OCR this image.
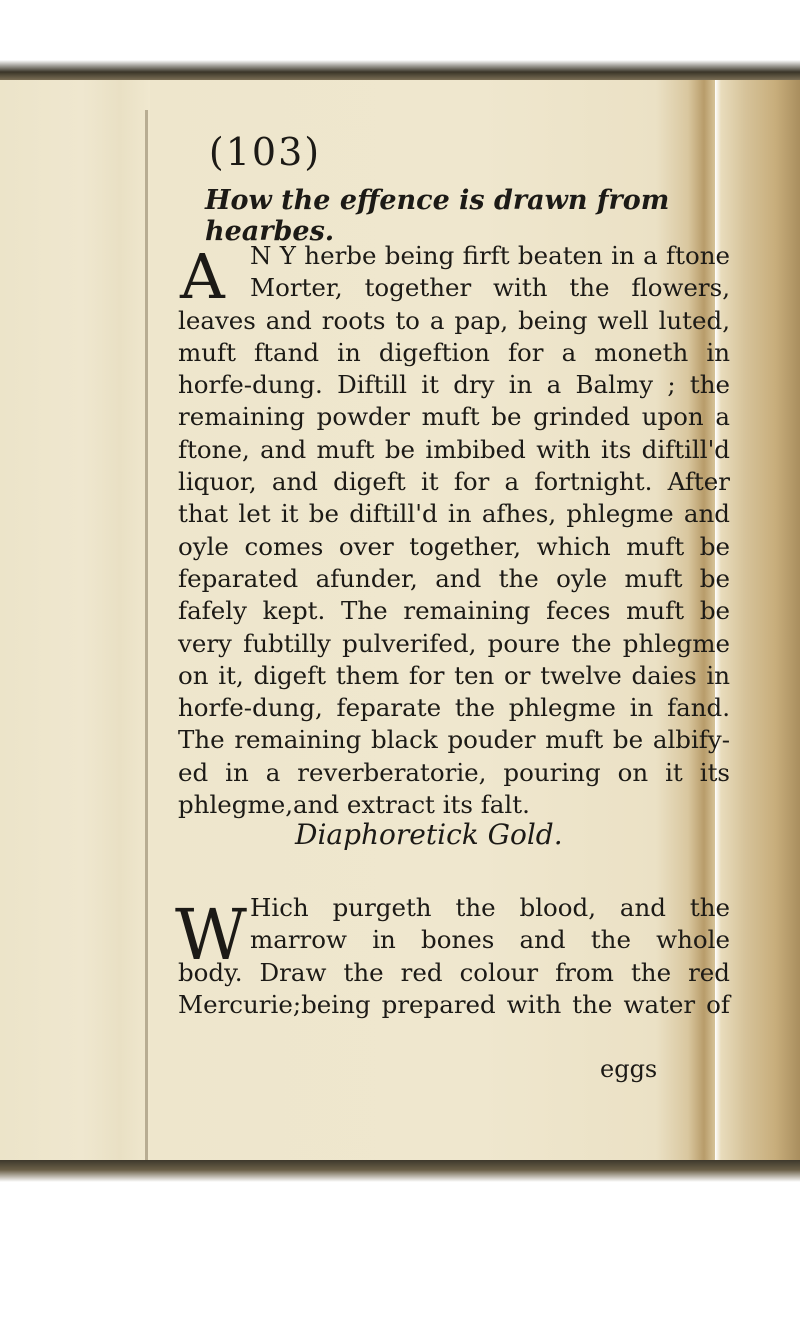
(103)
How the effence is drawn from hearbes.
A	N Y herbe being firft beaten in a ftone
Morter, together with the flowers,
leaves and roots to a pap, being well luted,
muft ftand in digeftion for a moneth in
horfe-dung. Diftill it dry in a Balmy ; the
remaining powder muft be grinded upon a
ftone, and muft be imbibed with its diftill'd
liquor, and digeft it for a fortnight. After
that let it be diftill'd in afhes, phlegme and
oyle comes over together, which muft be
feparated afunder, and the oyle muft be
fafely kept. The remaining feces muft be
very fubtilly pulverifed, poure the phlegme
on it, digeft them for ten or twelve daies in
horfe-dung, feparate the phlegme in fand.
The remaining black pouder muft be albify-
ed in a reverberatorie, pouring on it its
phlegme,and extract its falt.
Diaphoretick Gold.
W Hich purgeth the blood, and the
marrow in bones and the whole
body. Draw the red colour from the red
Mercurie;being prepared with the water of
eggs
